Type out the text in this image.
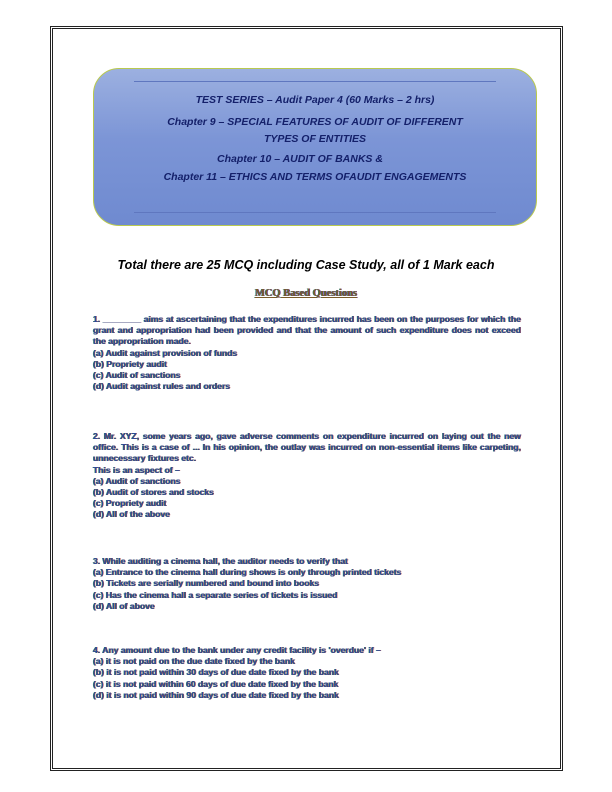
TEST SERIES – Audit Paper 4 (60 Marks – 2 hrs)
Chapter 9 – SPECIAL FEATURES OF AUDIT OF DIFFERENT
TYPES OF ENTITIES
Chapter 10 – AUDIT OF BANKS &
Chapter 11 – ETHICS AND TERMS OFAUDIT ENGAGEMENTS
Total there are 25 MCQ including Case Study, all of 1 Mark each
MCQ Based Questions

1. ________ aims at ascertaining that the expenditures incurred has been on the purposes for which the grant and appropriation had been provided and that the amount of such expenditure does not exceed the appropriation made.

(a) Audit against provision of funds

(b) Propriety audit

(c) Audit of sanctions

(d) Audit against rules and orders

2. Mr. XYZ, some years ago, gave adverse comments on expenditure incurred on laying out the new office. This is a case of ... In his opinion, the outlay was incurred on non-essential items like carpeting, unnecessary fixtures etc.

This is an aspect of –

(a) Audit of sanctions

(b) Audit of stores and stocks

(c) Propriety audit

(d) All of the above

3. While auditing a cinema hall, the auditor needs to verify that

(a) Entrance to the cinema hall during shows is only through printed tickets

(b) Tickets are serially numbered and bound into books

(c) Has the cinema hall a separate series of tickets is issued

(d) All of above

4. Any amount due to the bank under any credit facility is 'overdue' if –

(a) it is not paid on the due date fixed by the bank

(b) it is not paid within 30 days of due date fixed by the bank

(c) it is not paid within 60 days of due date fixed by the bank

(d) it is not paid within 90 days of due date fixed by the bank
